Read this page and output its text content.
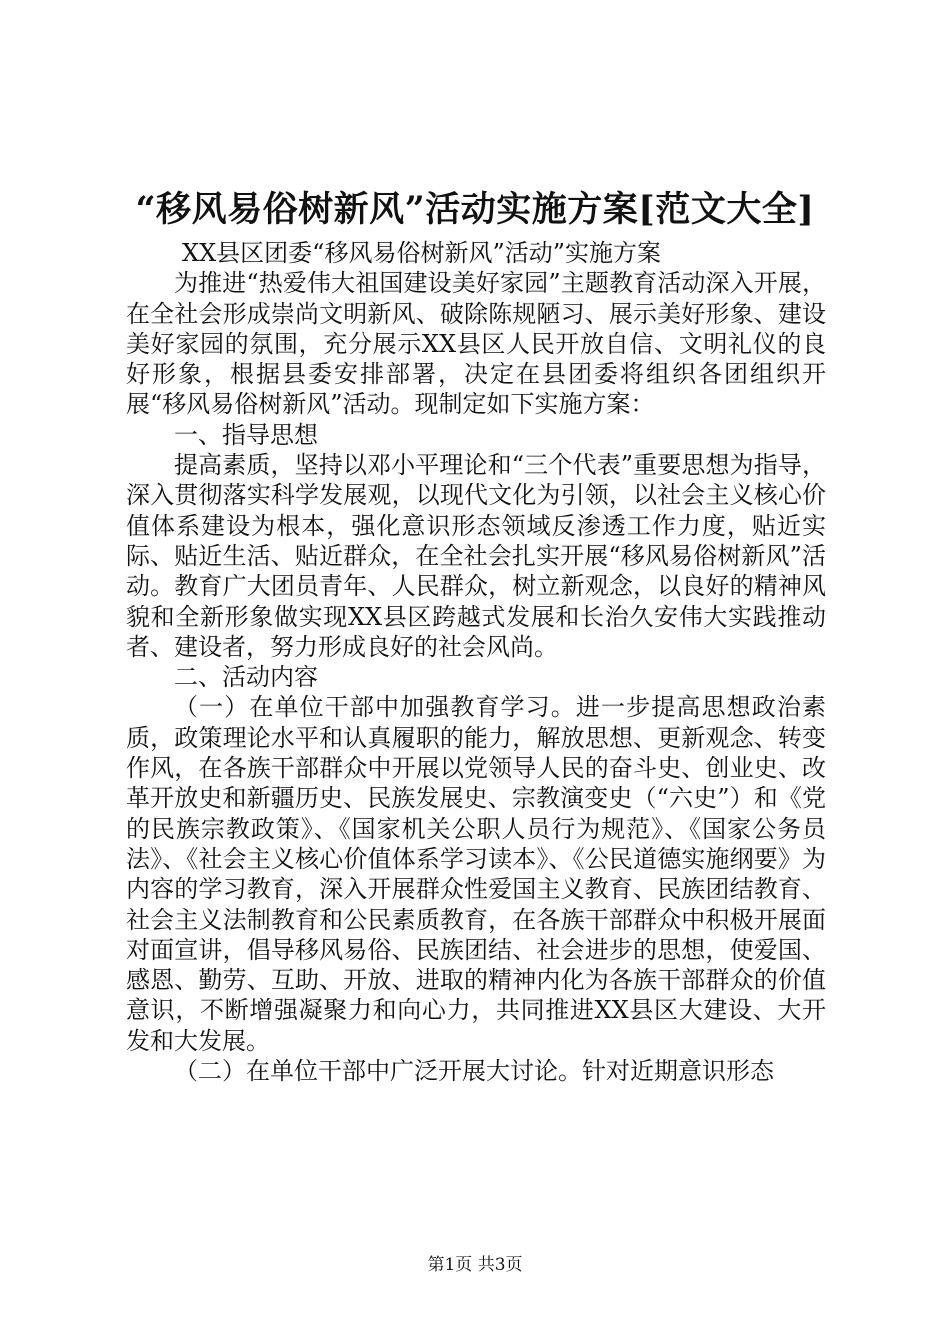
“移风易俗树新风”活动实施方案[范文大全]

XX县区团委“移风易俗树新风”活动”实施方案

为推进“热爱伟大祖国建设美好家园”主题教育活动深入开展，在全社会形成崇尚文明新风、破除陈规陋习、展示美好形象、建设美好家园的氛围，充分展示XX县区人民开放自信、文明礼仪的良好形象，根据县委安排部署，决定在县团委将组织各团组织开展“移风易俗树新风”活动。现制定如下实施方案：

一、指导思想

提高素质，坚持以邓小平理论和“三个代表”重要思想为指导，深入贯彻落实科学发展观，以现代文化为引领，以社会主义核心价值体系建设为根本，强化意识形态领域反渗透工作力度，贴近实际、贴近生活、贴近群众，在全社会扎实开展“移风易俗树新风”活动。教育广大团员青年、人民群众，树立新观念，以良好的精神风貌和全新形象做实现XX县区跨越式发展和长治久安伟大实践推动者、建设者，努力形成良好的社会风尚。

二、活动内容

（一）在单位干部中加强教育学习。进一步提高思想政治素质，政策理论水平和认真履职的能力，解放思想、更新观念、转变作风，在各族干部群众中开展以党领导人民的奋斗史、创业史、改革开放史和新疆历史、民族发展史、宗教演变史（“六史”）和《党的民族宗教政策》、《国家机关公职人员行为规范》、《国家公务员法》、《社会主义核心价值体系学习读本》、《公民道德实施纲要》为内容的学习教育，深入开展群众性爱国主义教育、民族团结教育、社会主义法制教育和公民素质教育，在各族干部群众中积极开展面对面宣讲，倡导移风易俗、民族团结、社会进步的思想，使爱国、感恩、勤劳、互助、开放、进取的精神内化为各族干部群众的价值意识，不断增强凝聚力和向心力，共同推进XX县区大建设、大开发和大发展。

（二）在单位干部中广泛开展大讨论。针对近期意识形态

第1页 共3页
